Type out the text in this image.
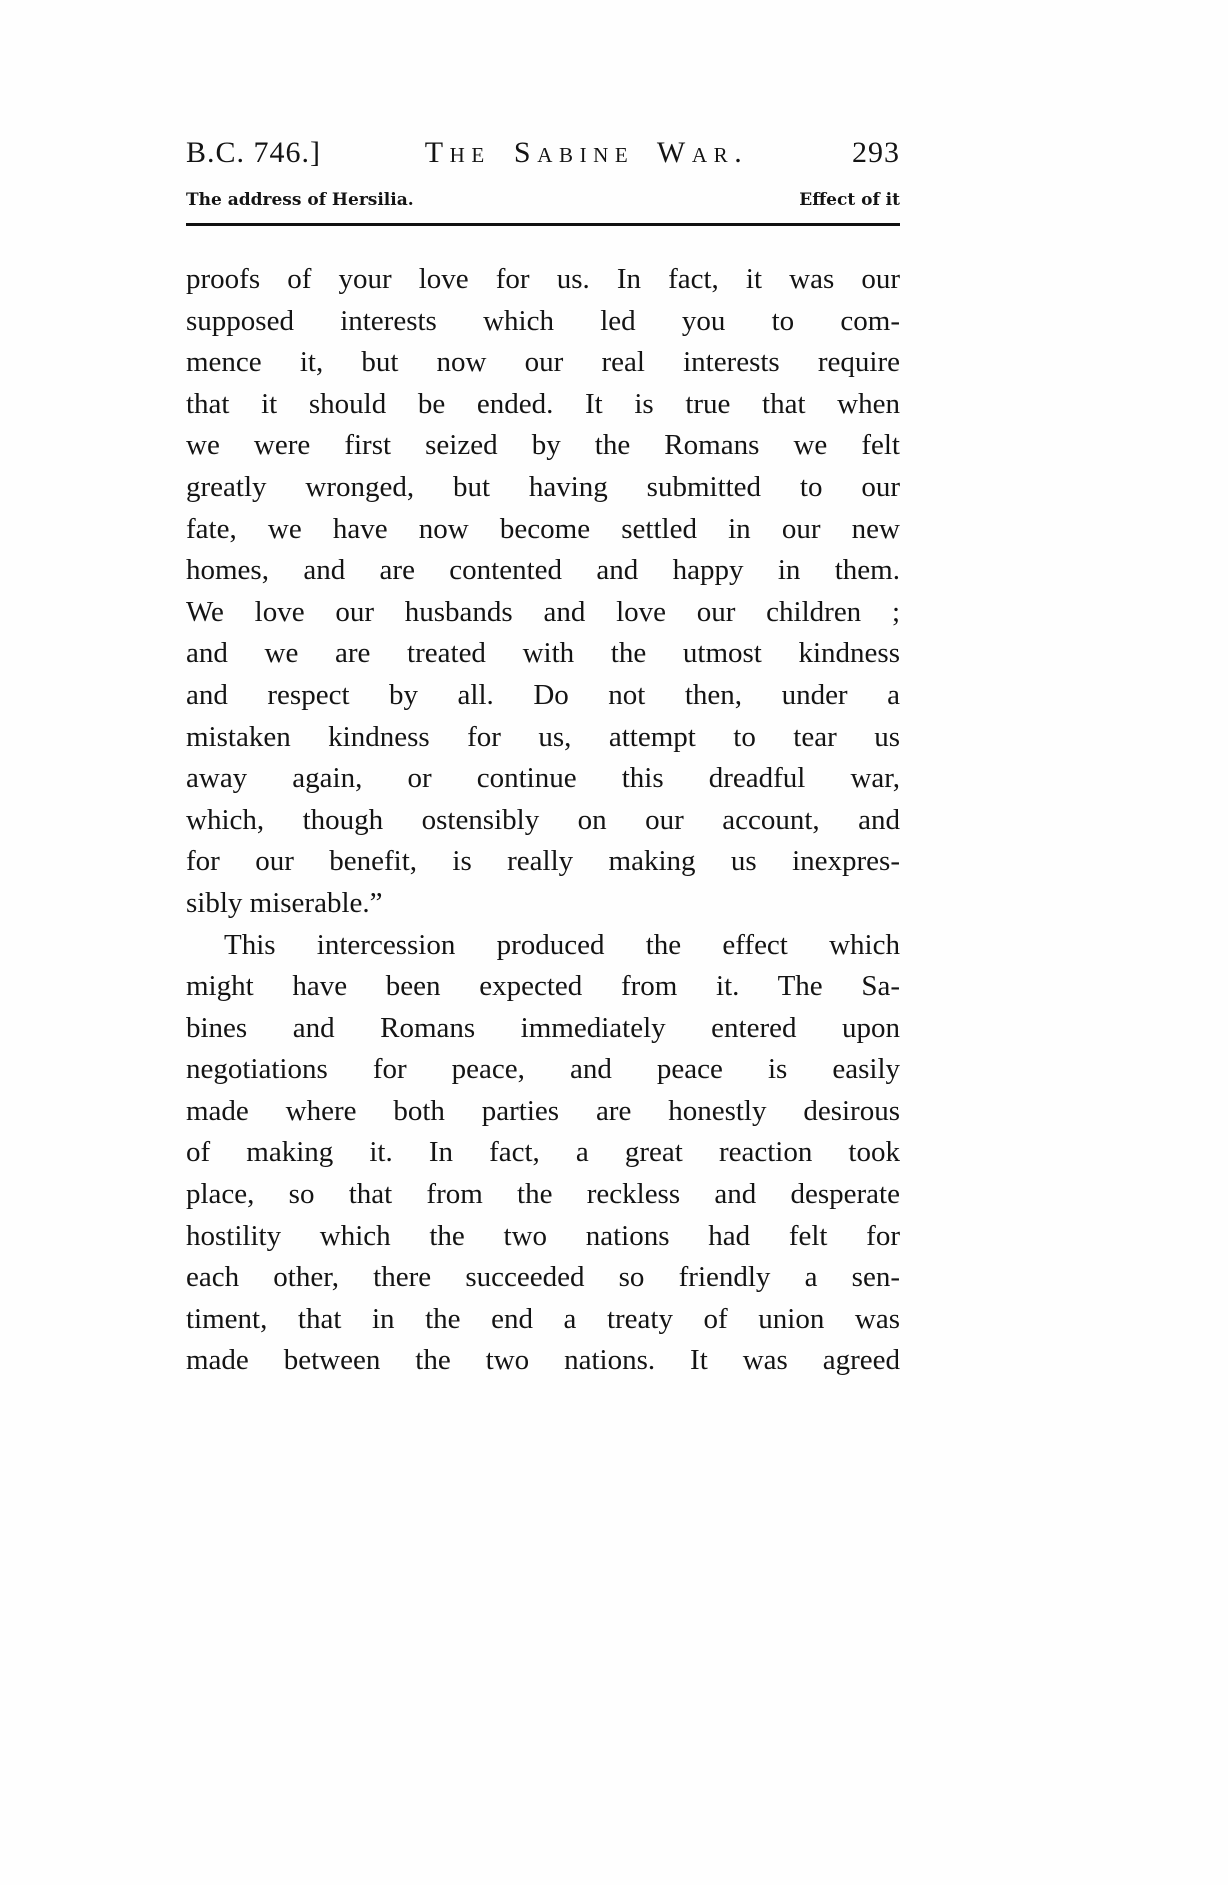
B.C. 746.]	The Sabine War.	293
The address of Hersilia.	Effect of it
proofs of your love for us. In fact, it was our
supposed interests which led you to com-
mence it, but now our real interests require
that it should be ended. It is true that when
we were first seized by the Romans we felt
greatly wronged, but having submitted to our
fate, we have now become settled in our new
homes, and are contented and happy in them.
We love our husbands and love our children ;
and we are treated with the utmost kindness
and respect by all. Do not then, under a
mistaken kindness for us, attempt to tear us
away again, or continue this dreadful war,
which, though ostensibly on our account, and
for our benefit, is really making us inexpres-
sibly miserable.”
This intercession produced the effect which
might have been expected from it. The Sa-
bines and Romans immediately entered upon
negotiations for peace, and peace is easily
made where both parties are honestly desirous
of making it. In fact, a great reaction took
place, so that from the reckless and desperate
hostility which the two nations had felt for
each other, there succeeded so friendly a sen-
timent, that in the end a treaty of union was
made between the two nations. It was agreed
